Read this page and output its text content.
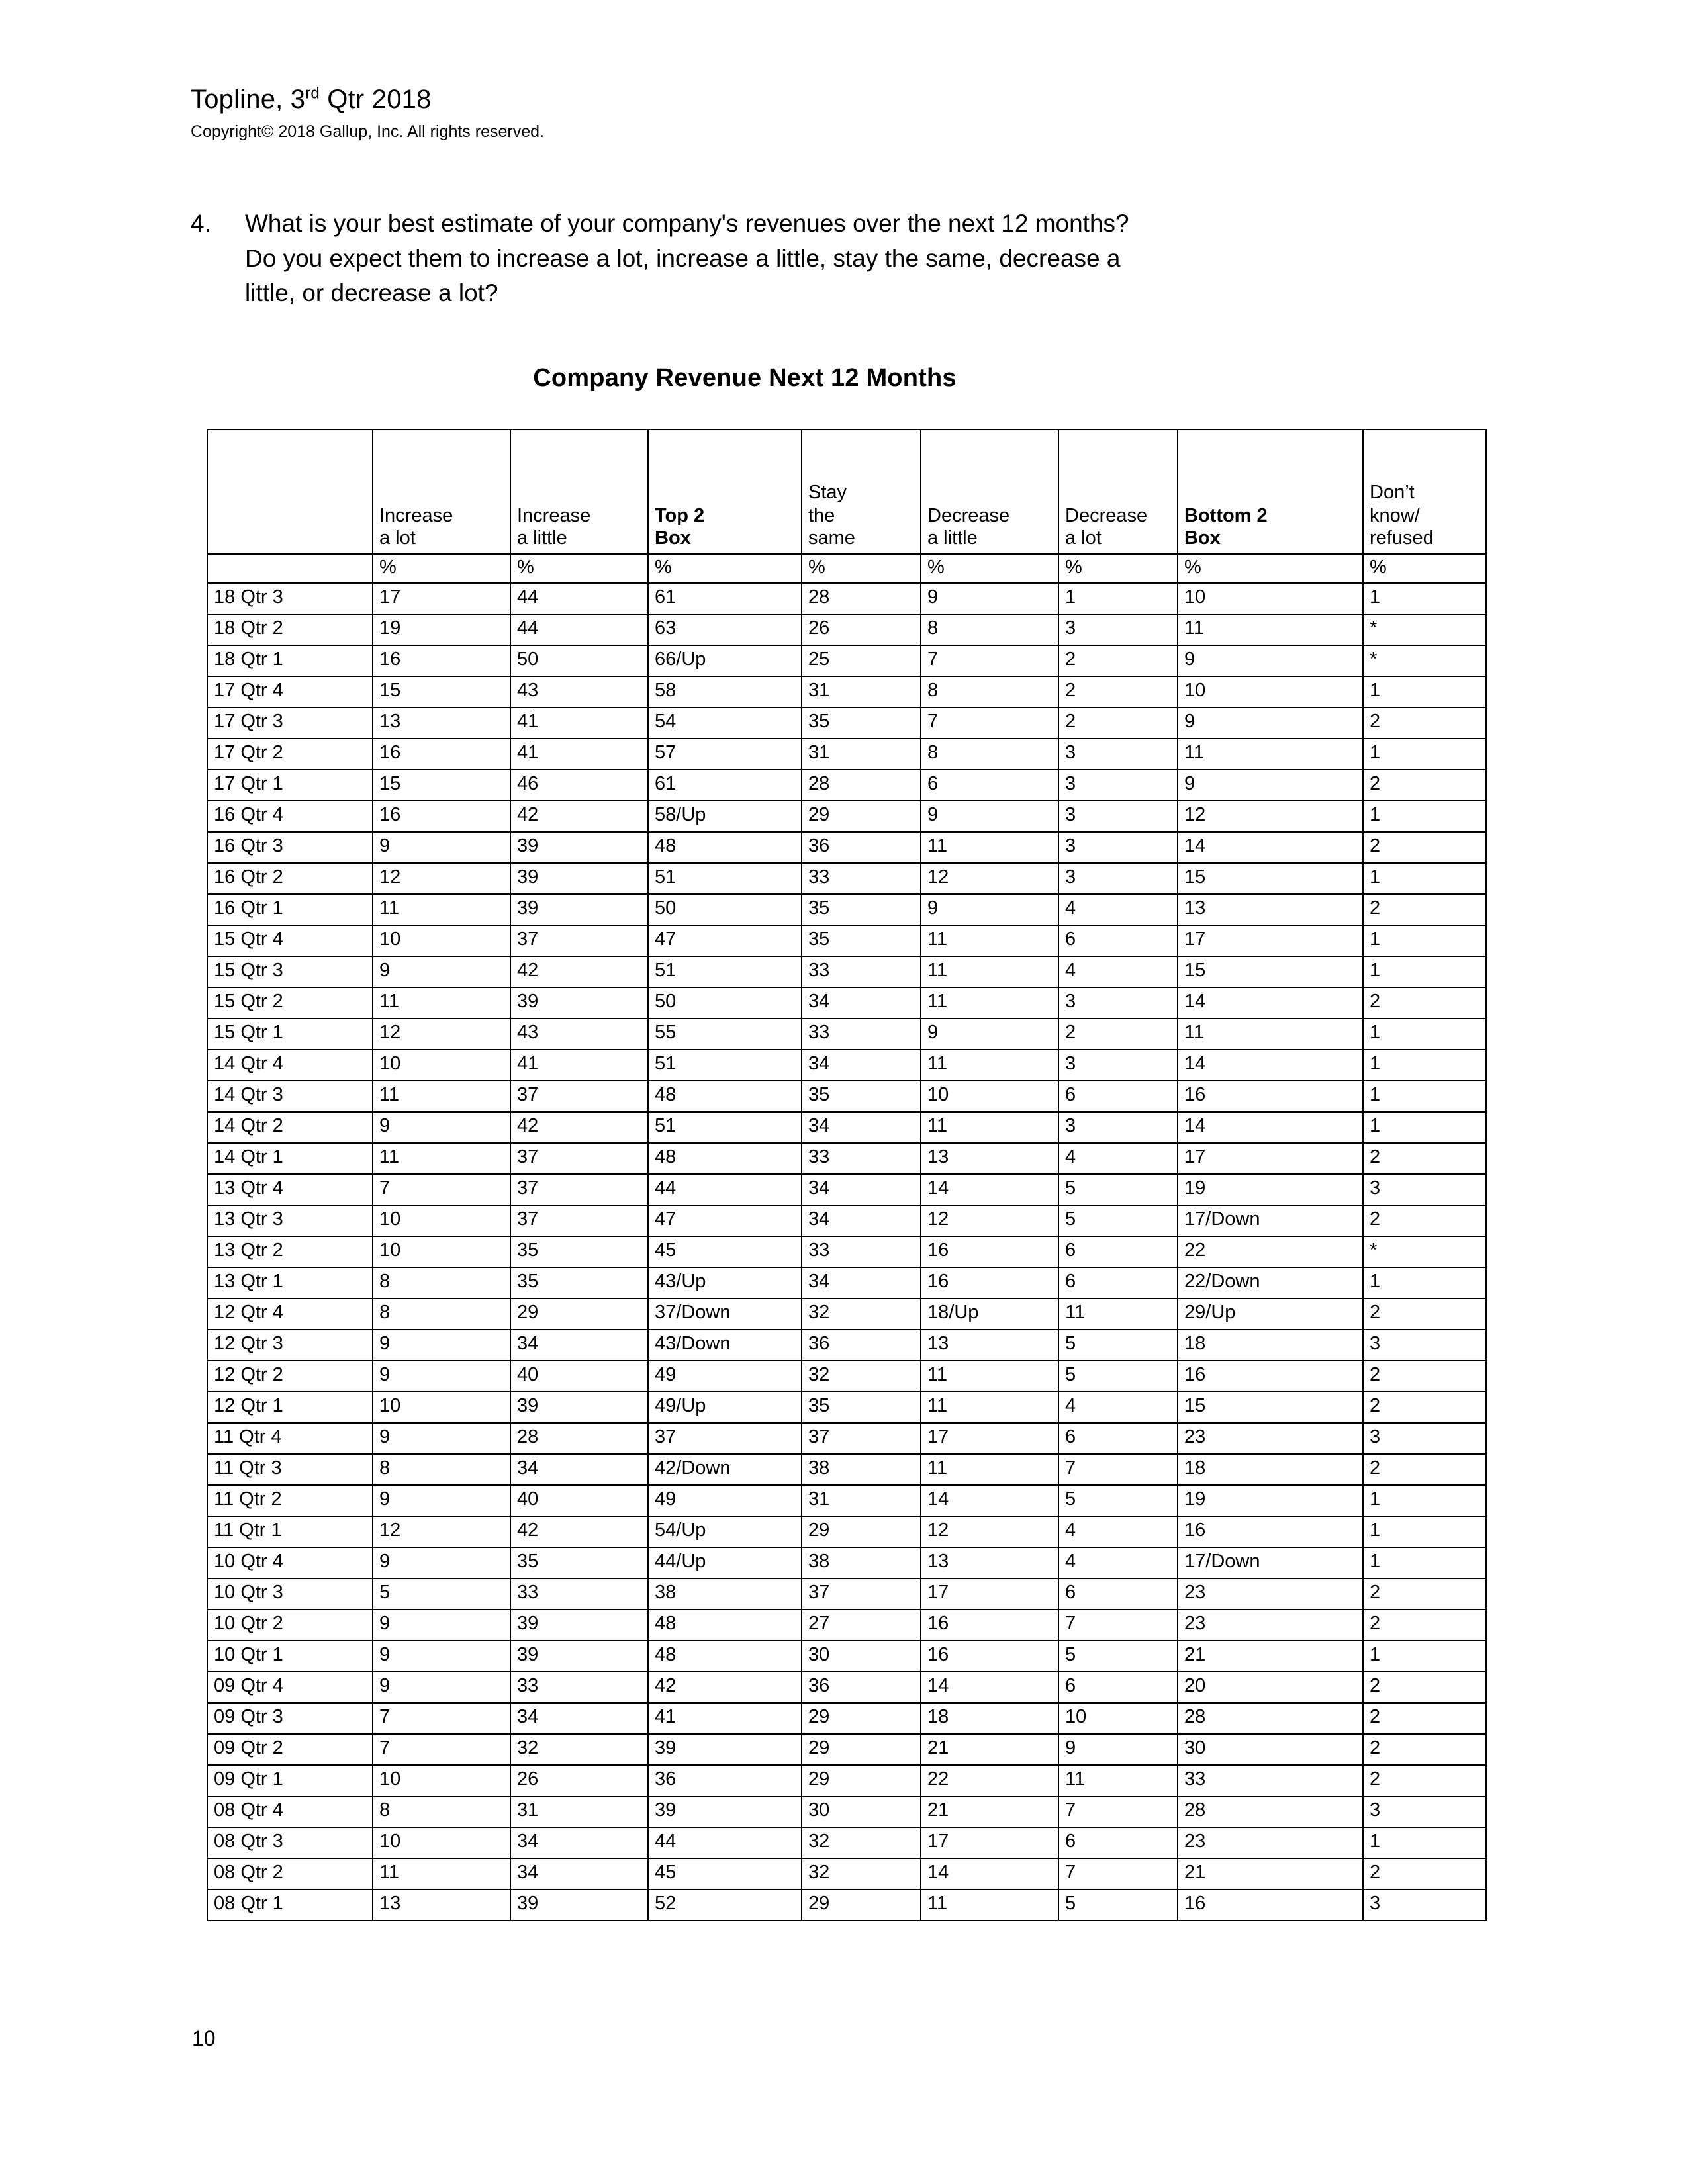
Topline, 3rd Qtr 2018
Copyright© 2018 Gallup, Inc. All rights reserved.
4.	What is your best estimate of your company's revenues over the next 12 months?
Do you expect them to increase a lot, increase a little, stay the same, decrease a
little, or decrease a lot?
Company Revenue Next 12 Months

	Increase
a lot	Increase
a little	Top 2
Box	Stay
the
same	Decrease
a little	Decrease
a lot	Bottom 2
Box	Don’t
know/
refused

	%	%	%	%	%	%	%	%
18 Qtr 3	17	44	61	28	9	1	10	1
18 Qtr 2	19	44	63	26	8	3	11	*
18 Qtr 1	16	50	66/Up	25	7	2	9	*
17 Qtr 4	15	43	58	31	8	2	10	1
17 Qtr 3	13	41	54	35	7	2	9	2
17 Qtr 2	16	41	57	31	8	3	11	1
17 Qtr 1	15	46	61	28	6	3	9	2
16 Qtr 4	16	42	58/Up	29	9	3	12	1
16 Qtr 3	9	39	48	36	11	3	14	2
16 Qtr 2	12	39	51	33	12	3	15	1
16 Qtr 1	11	39	50	35	9	4	13	2
15 Qtr 4	10	37	47	35	11	6	17	1
15 Qtr 3	9	42	51	33	11	4	15	1
15 Qtr 2	11	39	50	34	11	3	14	2
15 Qtr 1	12	43	55	33	9	2	11	1
14 Qtr 4	10	41	51	34	11	3	14	1
14 Qtr 3	11	37	48	35	10	6	16	1
14 Qtr 2	9	42	51	34	11	3	14	1
14 Qtr 1	11	37	48	33	13	4	17	2
13 Qtr 4	7	37	44	34	14	5	19	3
13 Qtr 3	10	37	47	34	12	5	17/Down	2
13 Qtr 2	10	35	45	33	16	6	22	*
13 Qtr 1	8	35	43/Up	34	16	6	22/Down	1
12 Qtr 4	8	29	37/Down	32	18/Up	11	29/Up	2
12 Qtr 3	9	34	43/Down	36	13	5	18	3
12 Qtr 2	9	40	49	32	11	5	16	2
12 Qtr 1	10	39	49/Up	35	11	4	15	2
11 Qtr 4	9	28	37	37	17	6	23	3
11 Qtr 3	8	34	42/Down	38	11	7	18	2
11 Qtr 2	9	40	49	31	14	5	19	1
11 Qtr 1	12	42	54/Up	29	12	4	16	1
10 Qtr 4	9	35	44/Up	38	13	4	17/Down	1
10 Qtr 3	5	33	38	37	17	6	23	2
10 Qtr 2	9	39	48	27	16	7	23	2
10 Qtr 1	9	39	48	30	16	5	21	1
09 Qtr 4	9	33	42	36	14	6	20	2
09 Qtr 3	7	34	41	29	18	10	28	2
09 Qtr 2	7	32	39	29	21	9	30	2
09 Qtr 1	10	26	36	29	22	11	33	2
08 Qtr 4	8	31	39	30	21	7	28	3
08 Qtr 3	10	34	44	32	17	6	23	1
08 Qtr 2	11	34	45	32	14	7	21	2
08 Qtr 1	13	39	52	29	11	5	16	3
10
